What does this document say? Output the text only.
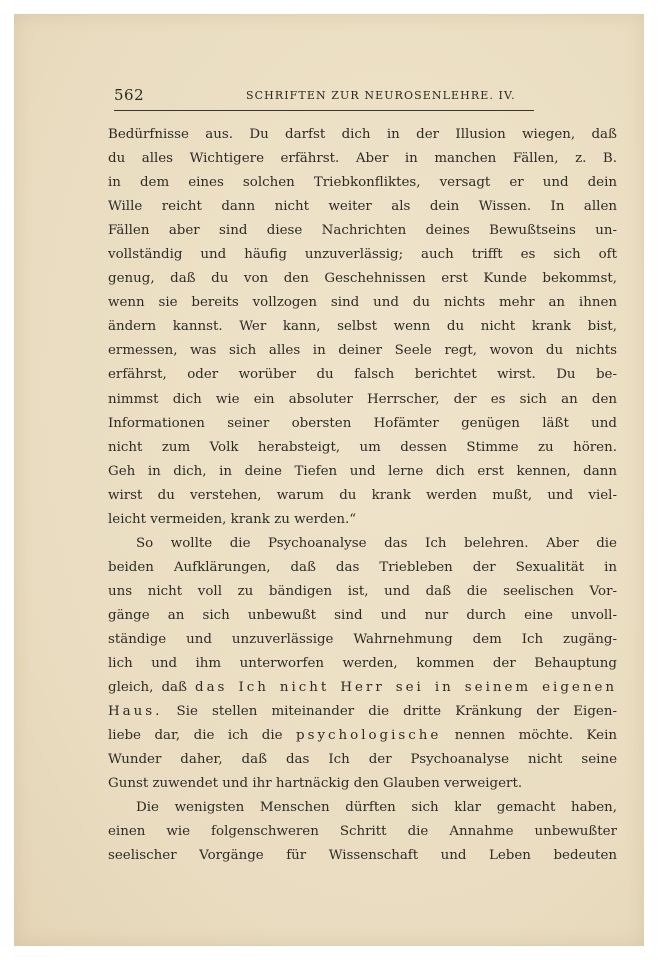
562	SCHRIFTEN ZUR NEUROSENLEHRE. IV.
Bedürfnisse aus. Du darfst dich in der Illusion wiegen, daß
du alles Wichtigere erfährst. Aber in manchen Fällen, z. B.
in dem eines solchen Triebkonfliktes, versagt er und dein
Wille reicht dann nicht weiter als dein Wissen. In allen
Fällen aber sind diese Nachrichten deines Bewußtseins un-
vollständig und häufig unzuverlässig; auch trifft es sich oft
genug, daß du von den Geschehnissen erst Kunde bekommst,
wenn sie bereits vollzogen sind und du nichts mehr an ihnen
ändern kannst. Wer kann, selbst wenn du nicht krank bist,
ermessen, was sich alles in deiner Seele regt, wovon du nichts
erfährst, oder worüber du falsch berichtet wirst. Du be-
nimmst dich wie ein absoluter Herrscher, der es sich an den
Informationen seiner obersten Hofämter genügen läßt und
nicht zum Volk herabsteigt, um dessen Stimme zu hören.
Geh in dich, in deine Tiefen und lerne dich erst kennen, dann
wirst du verstehen, warum du krank werden mußt, und viel-
leicht vermeiden, krank zu werden.“
So wollte die Psychoanalyse das Ich belehren. Aber die
beiden Aufklärungen, daß das Triebleben der Sexualität in
uns nicht voll zu bändigen ist, und daß die seelischen Vor-
gänge an sich unbewußt sind und nur durch eine unvoll-
ständige und unzuverlässige Wahrnehmung dem Ich zugäng-
lich und ihm unterworfen werden, kommen der Behauptung
gleich, daß das Ich nicht Herr sei in seinem eigenen
Haus. Sie stellen miteinander die dritte Kränkung der Eigen-
liebe dar, die ich die psychologische nennen möchte. Kein
Wunder daher, daß das Ich der Psychoanalyse nicht seine
Gunst zuwendet und ihr hartnäckig den Glauben verweigert.
Die wenigsten Menschen dürften sich klar gemacht haben,
einen wie folgenschweren Schritt die Annahme unbewußter
seelischer Vorgänge für Wissenschaft und Leben bedeuten
